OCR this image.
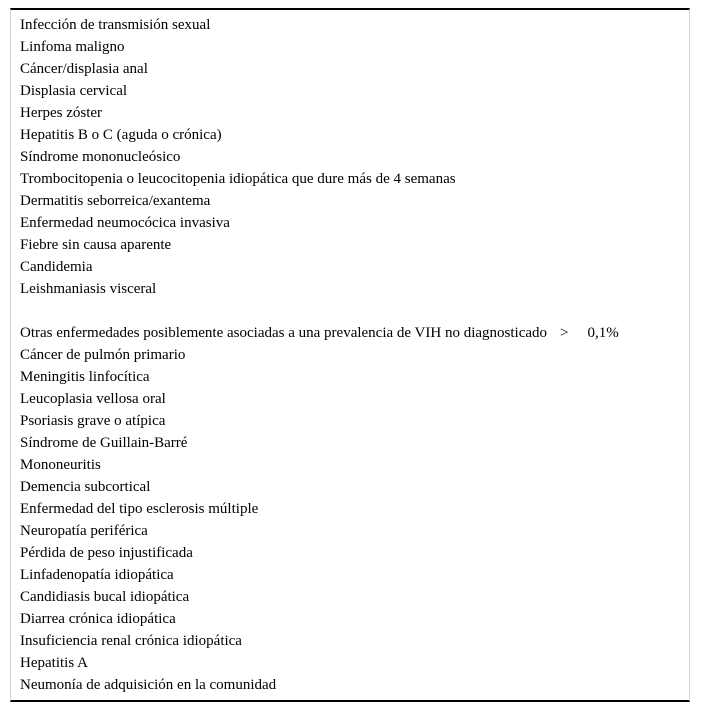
Infección de transmisión sexual
Linfoma maligno
Cáncer/displasia anal
Displasia cervical
Herpes zóster
Hepatitis B o C (aguda o crónica)
Síndrome mononucleósico
Trombocitopenia o leucocitopenia idiopática que dure más de 4 semanas
Dermatitis seborreica/exantema
Enfermedad neumocócica invasiva
Fiebre sin causa aparente
Candidemia
Leishmaniasis visceral
Otras enfermedades posiblemente asociadas a una prevalencia de VIH no diagnosticado > 0,1%
Cáncer de pulmón primario
Meningitis linfocítica
Leucoplasia vellosa oral
Psoriasis grave o atípica
Síndrome de Guillain-Barré
Mononeuritis
Demencia subcortical
Enfermedad del tipo esclerosis múltiple
Neuropatía periférica
Pérdida de peso injustificada
Linfadenopatía idiopática
Candidiasis bucal idiopática
Diarrea crónica idiopática
Insuficiencia renal crónica idiopática
Hepatitis A
Neumonía de adquisición en la comunidad
